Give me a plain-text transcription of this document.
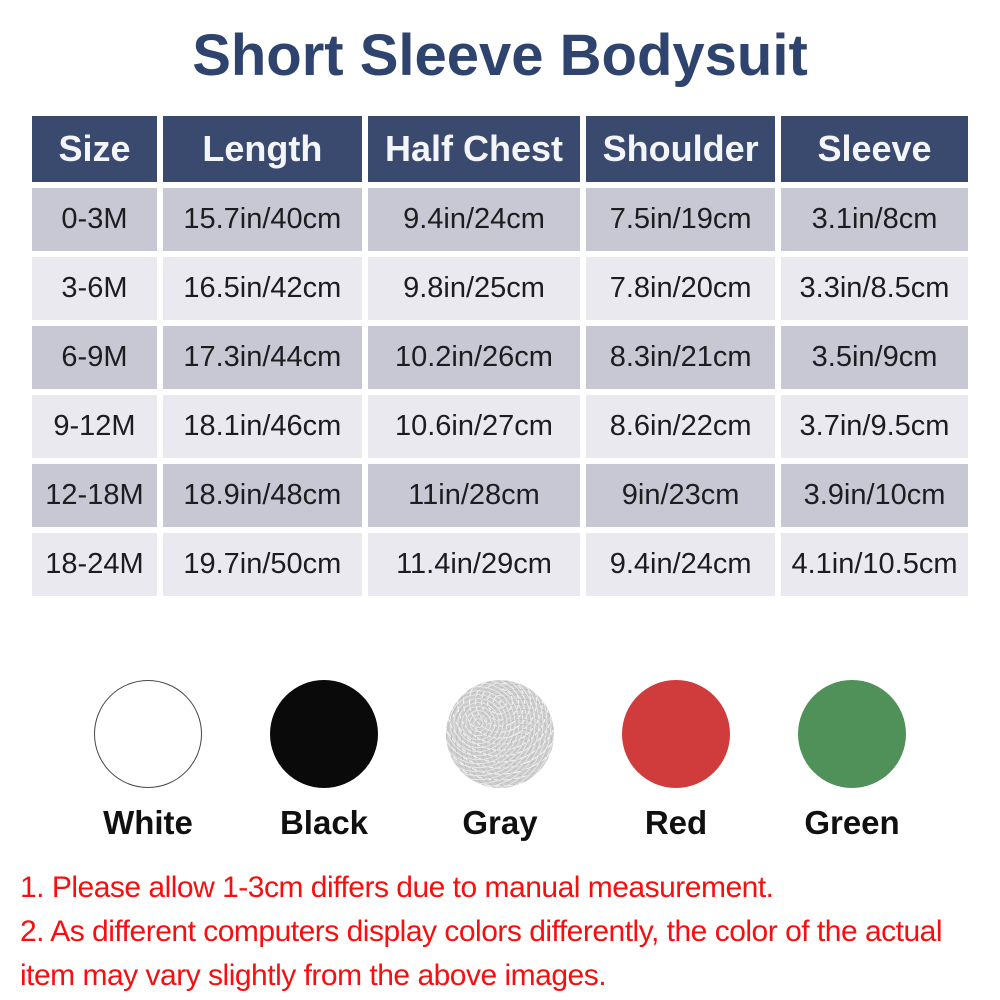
Short Sleeve Bodysuit
Size	Length	Half Chest	Shoulder	Sleeve
0-3M	15.7in/40cm	9.4in/24cm	7.5in/19cm	3.1in/8cm
3-6M	16.5in/42cm	9.8in/25cm	7.8in/20cm	3.3in/8.5cm
6-9M	17.3in/44cm	10.2in/26cm	8.3in/21cm	3.5in/9cm
9-12M	18.1in/46cm	10.6in/27cm	8.6in/22cm	3.7in/9.5cm
12-18M	18.9in/48cm	11in/28cm	9in/23cm	3.9in/10cm
18-24M	19.7in/50cm	11.4in/29cm	9.4in/24cm	4.1in/10.5cm
White	Black	Gray	Red	Green

1. Please allow 1-3cm differs due to manual measurement.

2. As different computers display colors differently, the color of the actual item may vary slightly from the above images.
